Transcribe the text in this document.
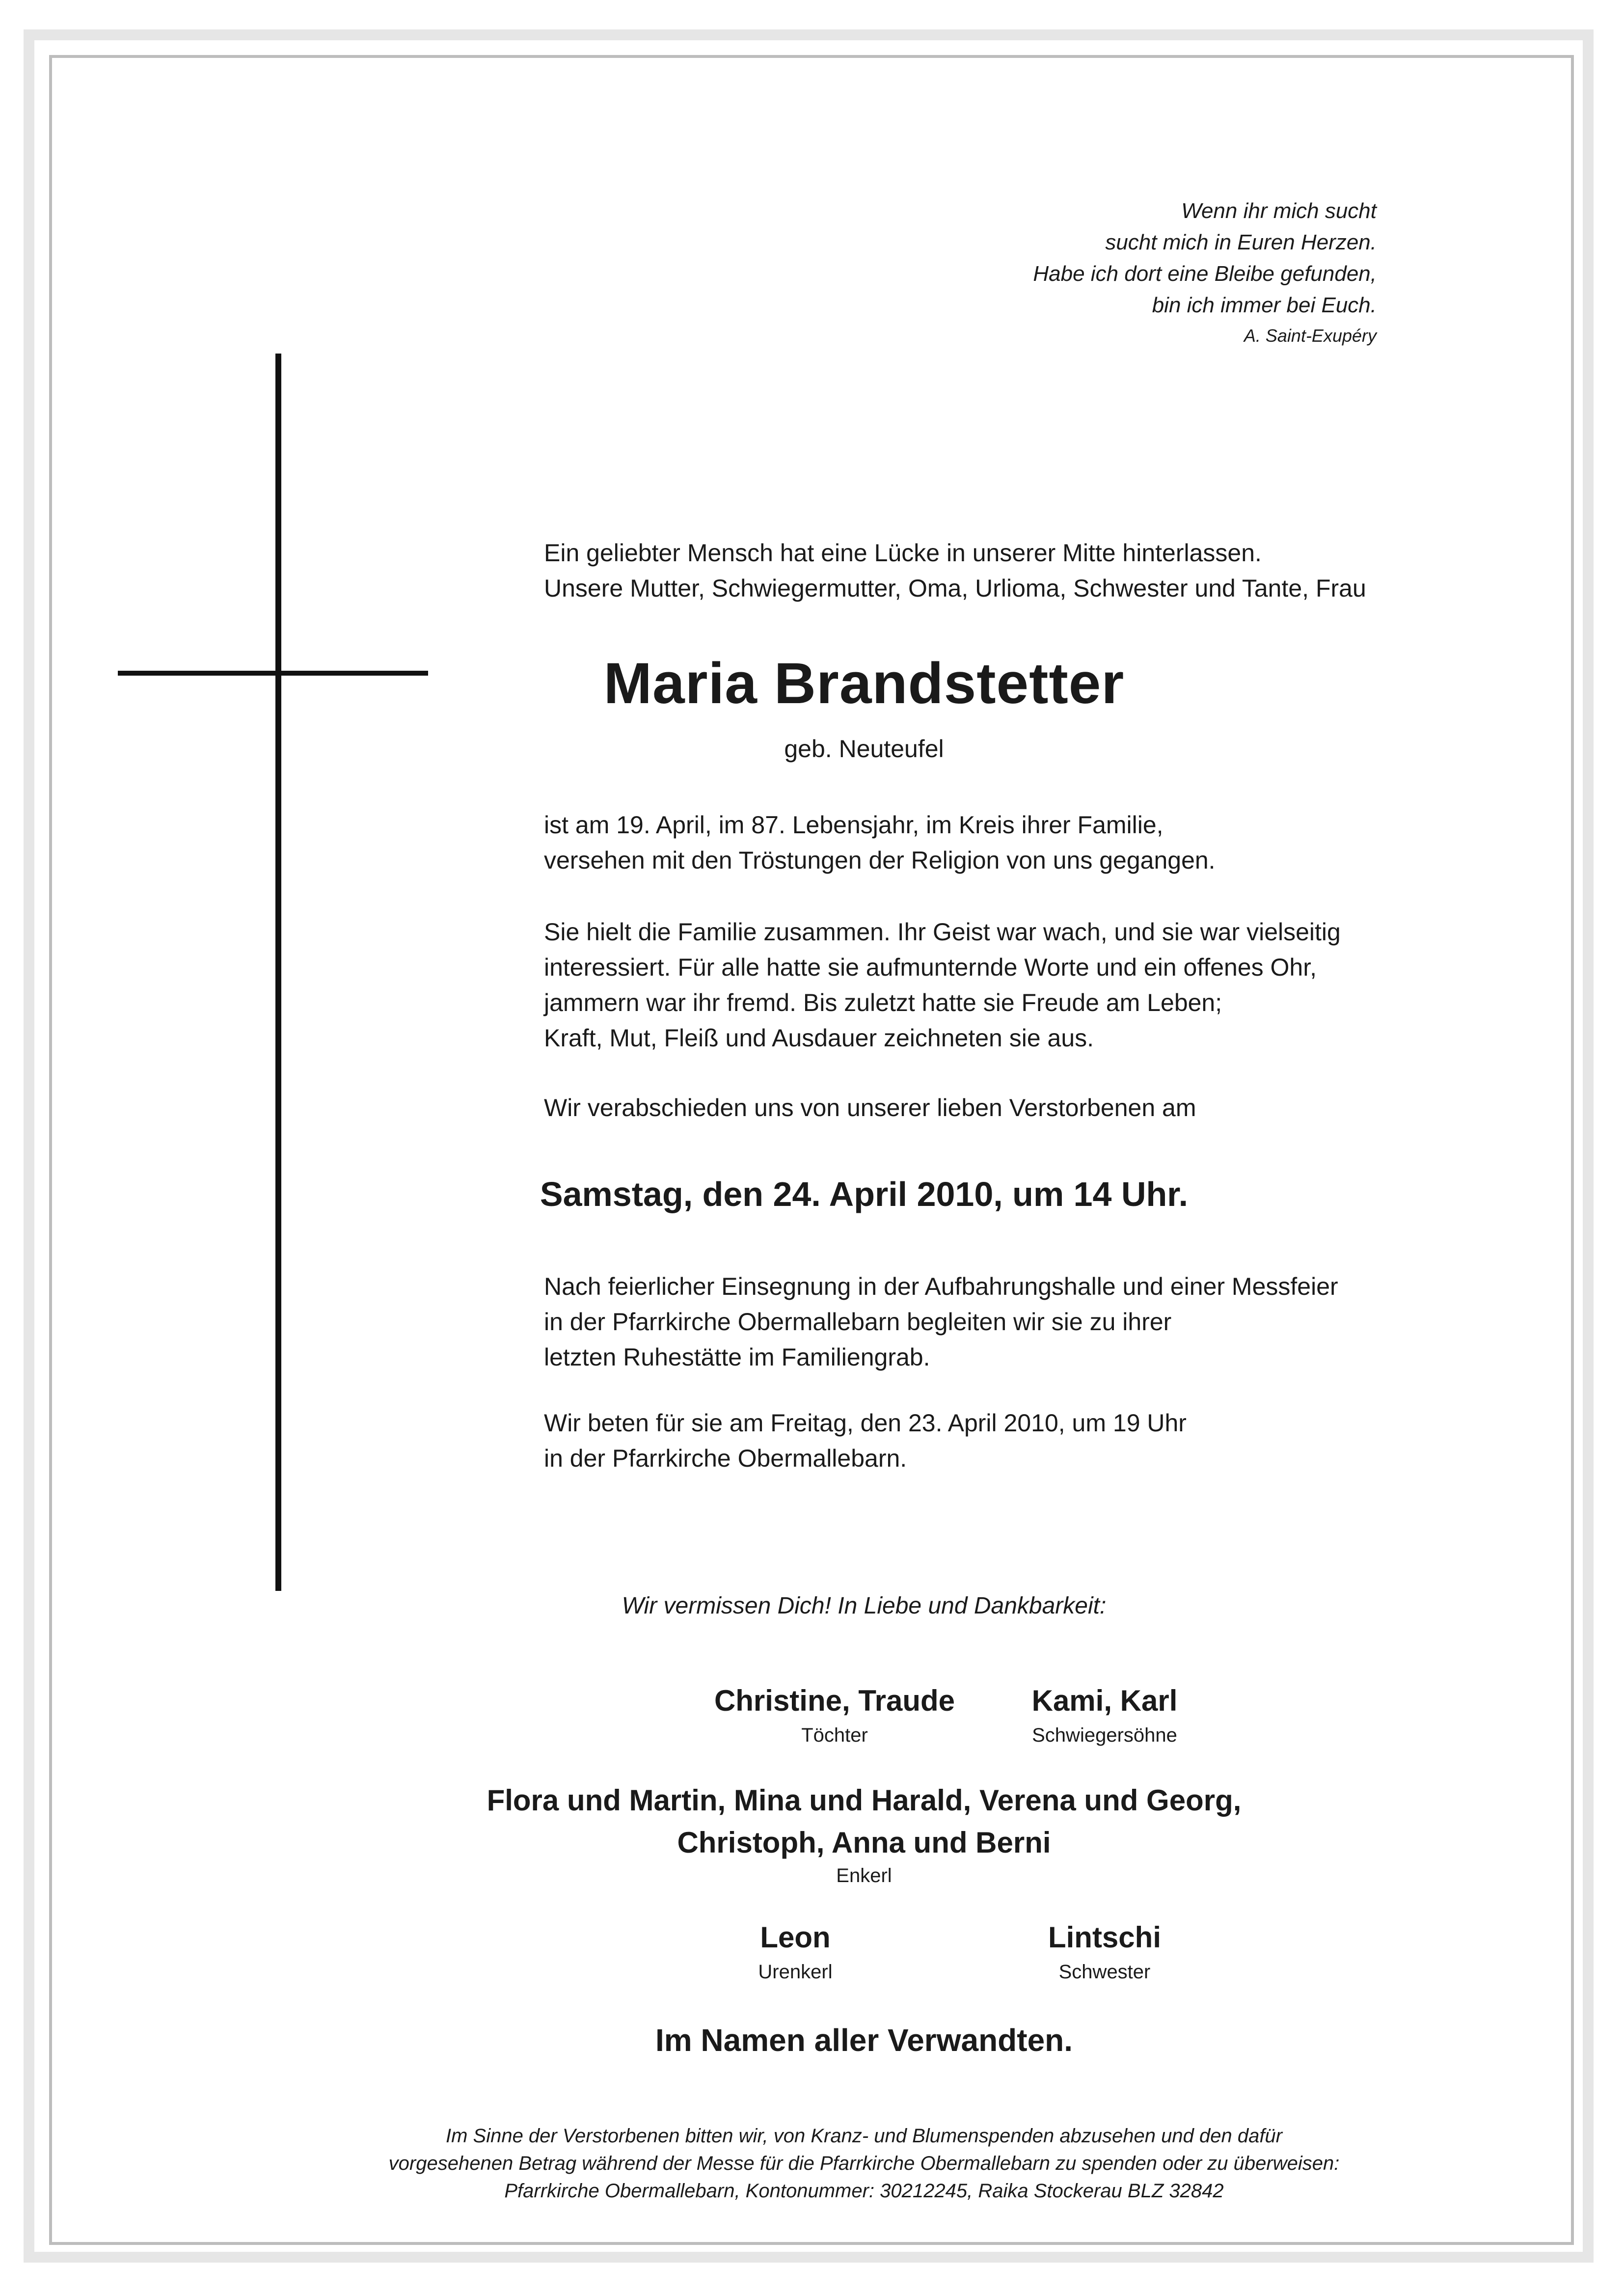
Wenn ihr mich sucht
sucht mich in Euren Herzen.
Habe ich dort eine Bleibe gefunden,
bin ich immer bei Euch.
A. Saint-Exupéry

Ein geliebter Mensch hat eine Lücke in unserer Mitte hinterlassen.

Unsere Mutter, Schwiegermutter, Oma, Urlioma, Schwester und Tante, Frau

Maria Brandstetter
geb. Neuteufel

ist am 19. April, im 87. Lebensjahr, im Kreis ihrer Familie,

versehen mit den Tröstungen der Religion von uns gegangen.

Sie hielt die Familie zusammen. Ihr Geist war wach, und sie war vielseitig

interessiert. Für alle hatte sie aufmunternde Worte und ein offenes Ohr,

jammern war ihr fremd. Bis zuletzt hatte sie Freude am Leben;

Kraft, Mut, Fleiß und Ausdauer zeichneten sie aus.

Wir verabschieden uns von unserer lieben Verstorbenen am

Samstag, den 24. April 2010, um 14 Uhr.

Nach feierlicher Einsegnung in der Aufbahrungshalle und einer Messfeier

in der Pfarrkirche Obermallebarn begleiten wir sie zu ihrer

letzten Ruhestätte im Familiengrab.

Wir beten für sie am Freitag, den 23. April 2010, um 19 Uhr

in der Pfarrkirche Obermallebarn.

Wir vermissen Dich! In Liebe und Dankbarkeit:
Christine, Traude
Töchter
Kami, Karl
Schwiegersöhne
Flora und Martin, Mina und Harald, Verena und Georg,
Christoph, Anna und Berni
Enkerl
Leon
Urenkerl
Lintschi
Schwester
Im Namen aller Verwandten.
Im Sinne der Verstorbenen bitten wir, von Kranz- und Blumenspenden abzusehen und den dafür
vorgesehenen Betrag während der Messe für die Pfarrkirche Obermallebarn zu spenden oder zu überweisen:
Pfarrkirche Obermallebarn, Kontonummer: 30212245, Raika Stockerau BLZ 32842
